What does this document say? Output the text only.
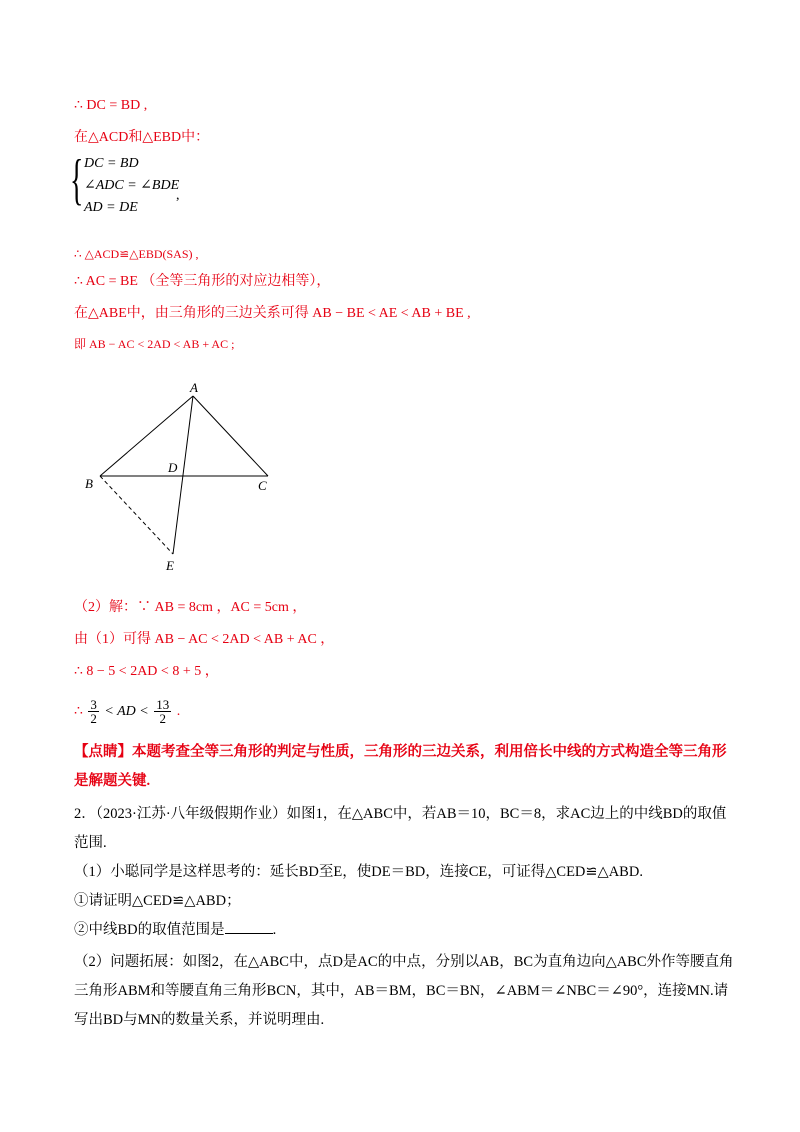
∴ DC = BD ,
在△ACD和△EBD中：
{ DC = BD
∠ADC = ∠BDE
AD = DE
,
∴ △ACD≌△EBD(SAS) ,
∴ AC = BE （全等三角形的对应边相等），
在△ABE中，由三角形的三边关系可得 AB − BE < AE < AB + BE ,
即 AB − AC < 2AD < AB + AC ;
A
B	C
D
E
（2）解：∵ AB = 8cm ，AC = 5cm ，
由（1）可得 AB − AC < 2AD < AB + AC ，
∴ 8 − 5 < 2AD < 8 + 5 ，
∴ $\frac{3}{2}$ < AD < $\frac{13}{2}$ .
【点睛】本题考查全等三角形的判定与性质，三角形的三边关系，利用倍长中线的方式构造全等三角形是解题关键.
2．（2023·江苏·八年级假期作业）如图1，在△ABC中，若AB＝10，BC＝8，求AC边上的中线BD的取值范围.
（1）小聪同学是这样思考的：延长BD至E，使DE＝BD，连接CE，可证得△CED≌△ABD.
①请证明△CED≌△ABD；
②中线BD的取值范围是	.
（2）问题拓展：如图2，在△ABC中，点D是AC的中点，分别以AB，BC为直角边向△ABC外作等腰直角三角形ABM和等腰直角三角形BCN，其中，AB＝BM，BC＝BN，∠ABM＝∠NBC＝∠90°，连接MN.请写出BD与MN的数量关系，并说明理由.
